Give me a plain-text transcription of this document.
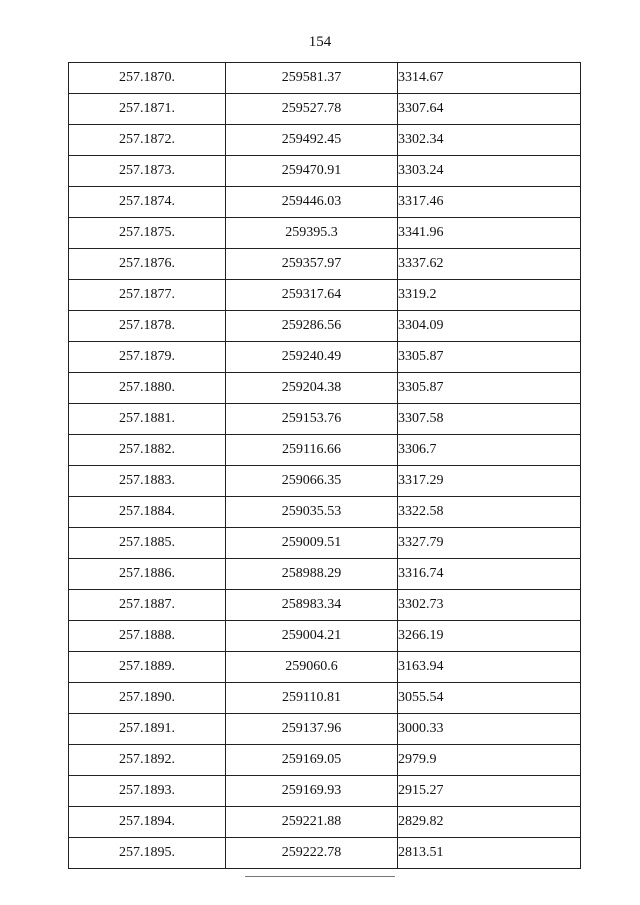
154
257.1870.	259581.37	3314.67
257.1871.	259527.78	3307.64
257.1872.	259492.45	3302.34
257.1873.	259470.91	3303.24
257.1874.	259446.03	3317.46
257.1875.	259395.3	3341.96
257.1876.	259357.97	3337.62
257.1877.	259317.64	3319.2
257.1878.	259286.56	3304.09
257.1879.	259240.49	3305.87
257.1880.	259204.38	3305.87
257.1881.	259153.76	3307.58
257.1882.	259116.66	3306.7
257.1883.	259066.35	3317.29
257.1884.	259035.53	3322.58
257.1885.	259009.51	3327.79
257.1886.	258988.29	3316.74
257.1887.	258983.34	3302.73
257.1888.	259004.21	3266.19
257.1889.	259060.6	3163.94
257.1890.	259110.81	3055.54
257.1891.	259137.96	3000.33
257.1892.	259169.05	2979.9
257.1893.	259169.93	2915.27
257.1894.	259221.88	2829.82
257.1895.	259222.78	2813.51
